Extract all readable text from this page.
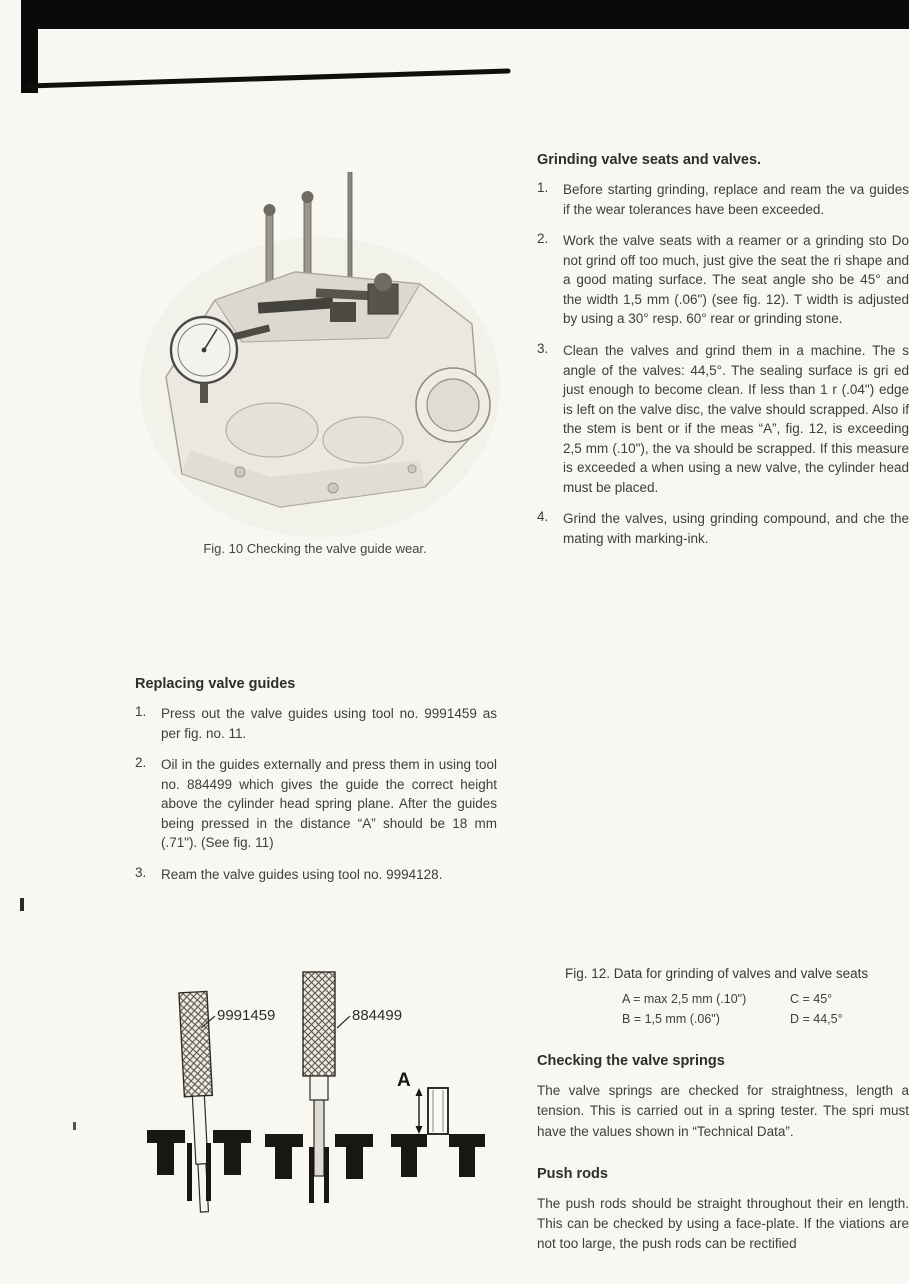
Fig. 10 Checking the valve guide wear.
Grinding valve seats and valves.
1.	Before starting grinding, replace and ream the va guides if the wear tolerances have been exceeded.
2.	Work the valve seats with a reamer or a grinding sto Do not grind off too much, just give the seat the ri shape and a good mating surface. The seat angle sho be 45° and the width 1,5 mm (.06") (see fig. 12). T width is adjusted by using a 30° resp. 60° rear or grinding stone.
3.	Clean the valves and grind them in a machine. The s angle of the valves: 44,5°. The sealing surface is gri ed just enough to become clean. If less than 1 r (.04") edge is left on the valve disc, the valve should scrapped. Also if the stem is bent or if the meas “A”, fig. 12, is exceeding 2,5 mm (.10"), the va should be scrapped. If this measure is exceeded a when using a new valve, the cylinder head must be placed.
4.	Grind the valves, using grinding compound, and che the mating with marking-ink.
Replacing valve guides
1.	Press out the valve guides using tool no. 9991459 as per fig. no. 11.
2.	Oil in the guides externally and press them in using tool no. 884499 which gives the guide the correct height above the cylinder head spring plane. After the guides being pressed in the distance “A” should be 18 mm (.71"). (See fig. 11)
3.	Ream the valve guides using tool no. 9994128.
9991459	884499
A
Fig. 12. Data for grinding of valves and valve seats
A = max 2,5 mm (.10")	C = 45°
B = 1,5 mm (.06")	D = 44,5°
Checking the valve springs

The valve springs are checked for straightness, length a tension. This is carried out in a spring tester. The spri must have the values shown in “Technical Data”.

Push rods

The push rods should be straight throughout their en length. This can be checked by using a face-plate. If the viations are not too large, the push rods can be rectified
